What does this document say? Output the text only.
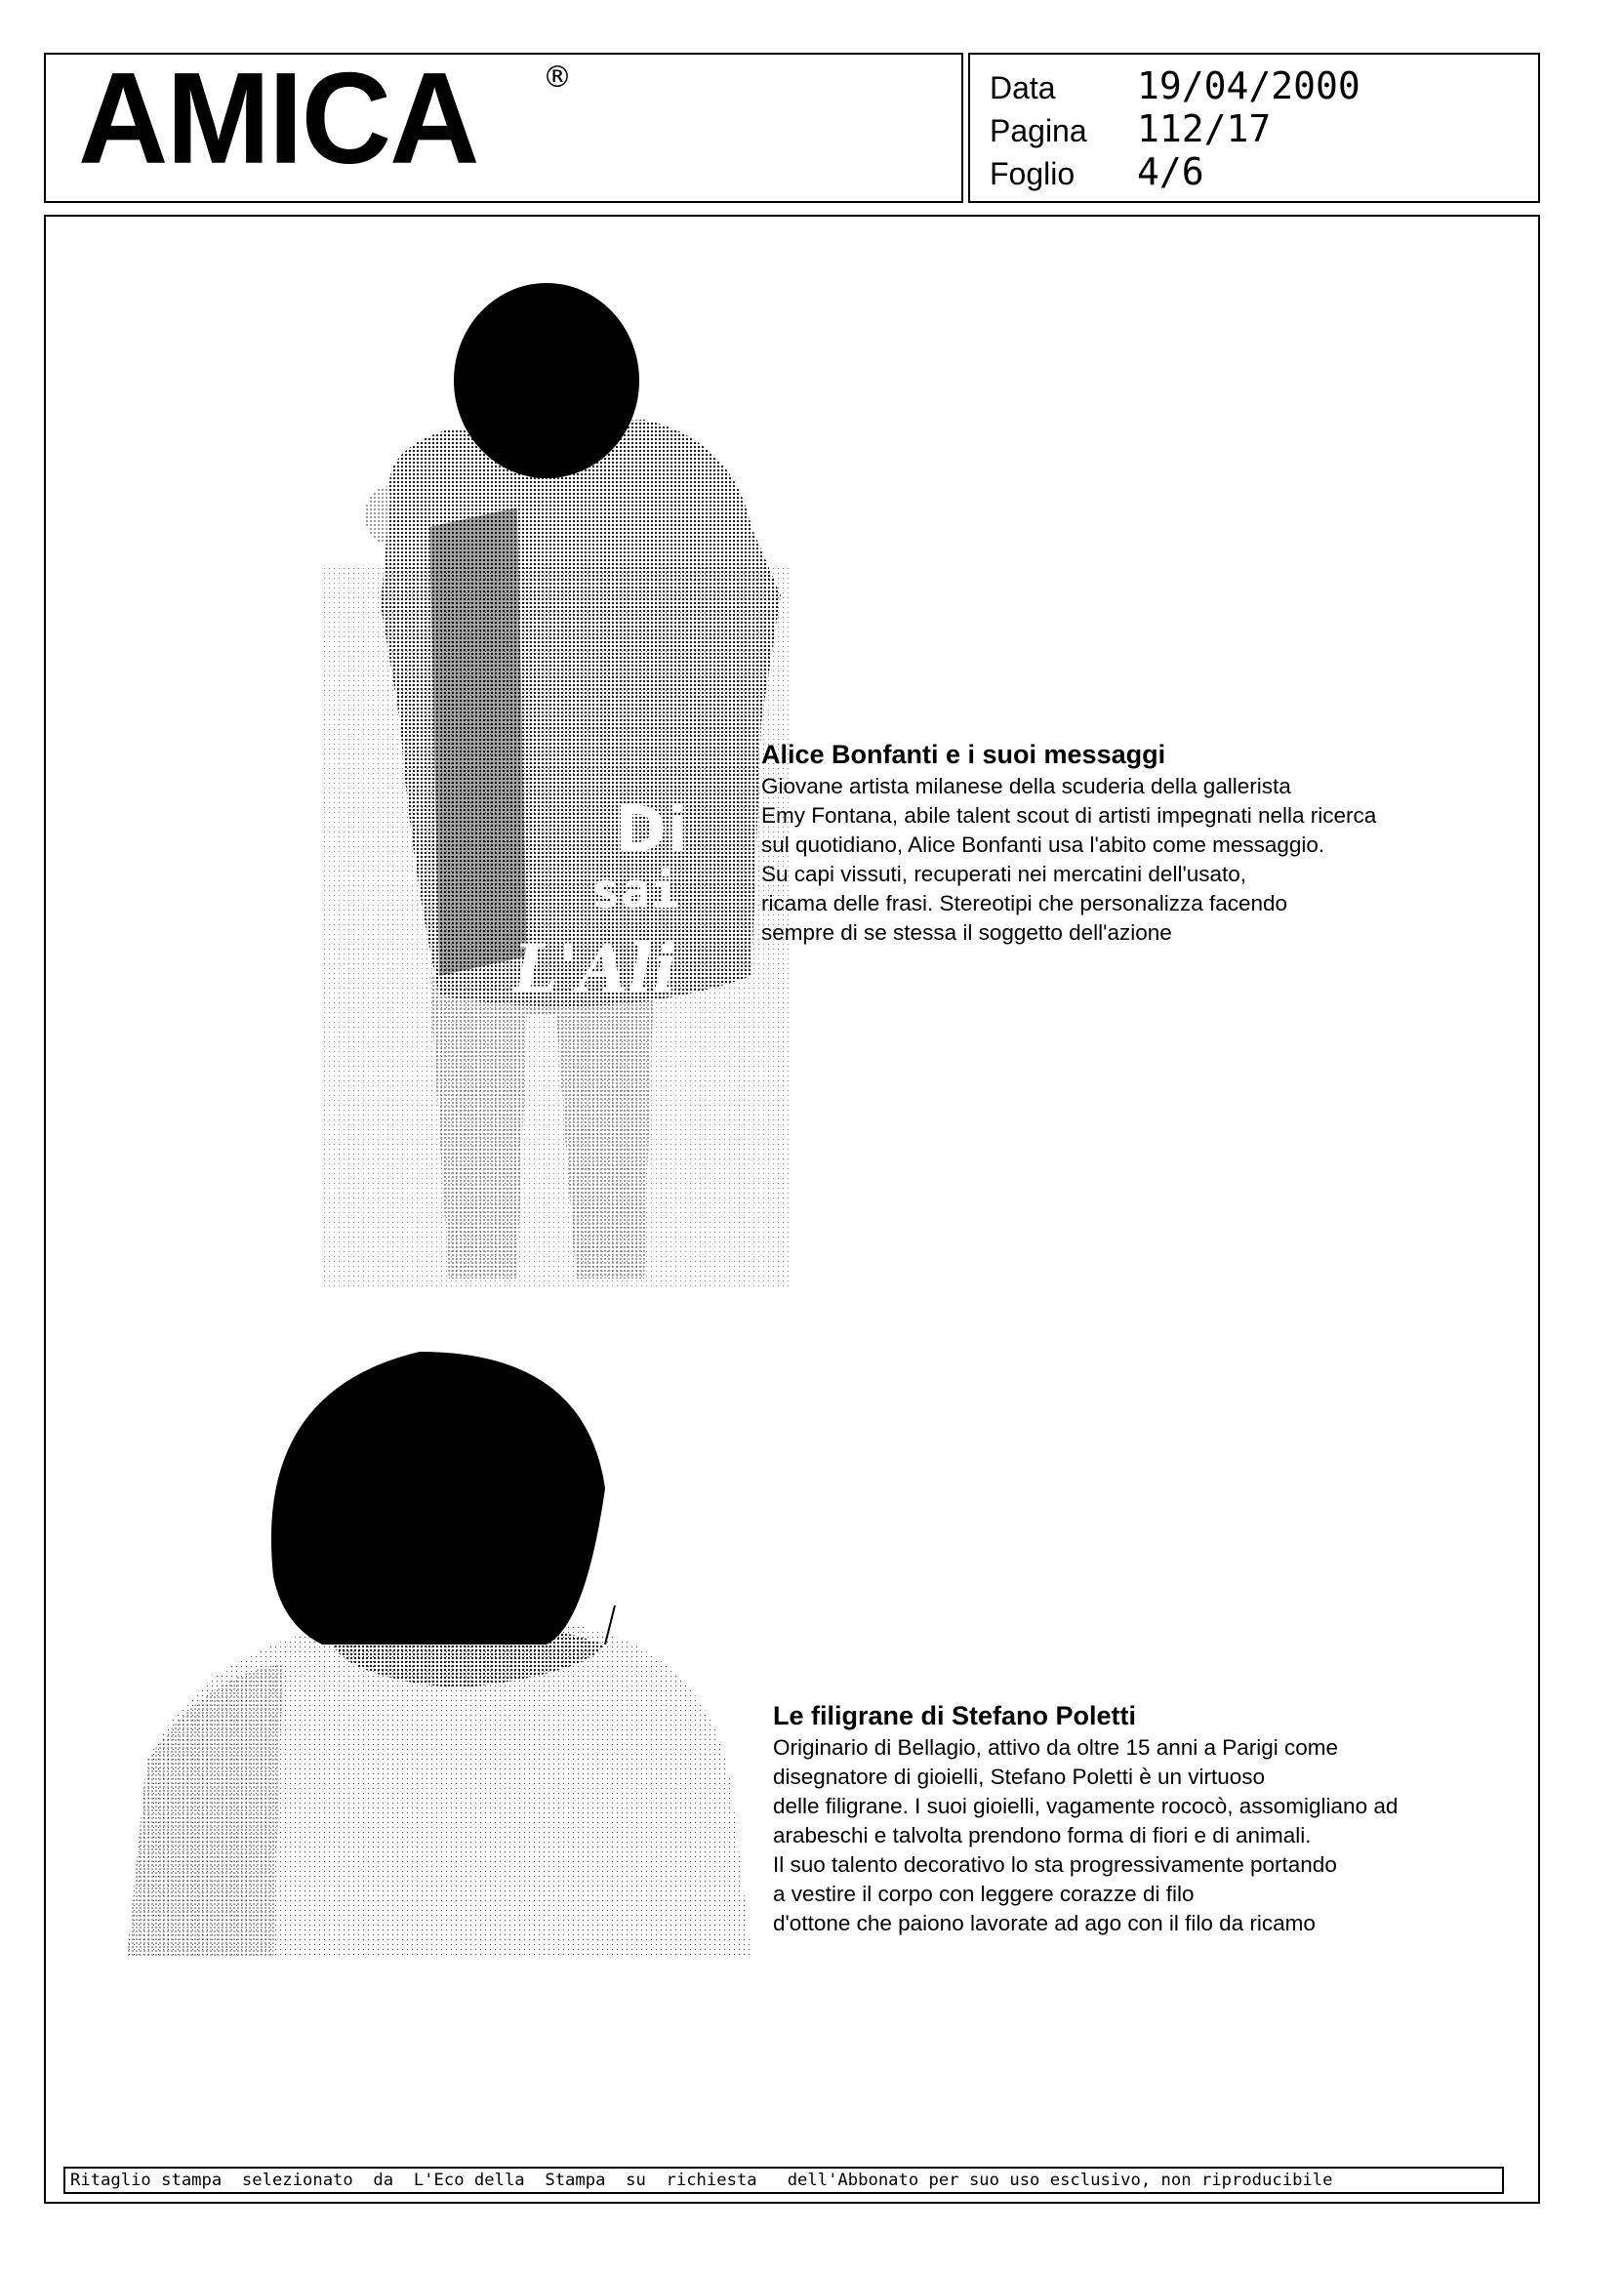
AMICA ®	Data 19/04/2000
Pagina 112/17
Foglio 4/6
Di
sai
L'Ali
Alice Bonfanti e i suoi messaggi

Giovane artista milanese della scuderia della gallerista
Emy Fontana, abile talent scout di artisti impegnati nella ricerca
sul quotidiano, Alice Bonfanti usa l'abito come messaggio.
Su capi vissuti, recuperati nei mercatini dell'usato,
ricama delle frasi. Stereotipi che personalizza facendo
sempre di se stessa il soggetto dell'azione

Le filigrane di Stefano Poletti

Originario di Bellagio, attivo da oltre 15 anni a Parigi come
disegnatore di gioielli, Stefano Poletti è un virtuoso
delle filigrane. I suoi gioielli, vagamente rococò, assomigliano ad
arabeschi e talvolta prendono forma di fiori e di animali.
Il suo talento decorativo lo sta progressivamente portando
a vestire il corpo con leggere corazze di filo
d'ottone che paiono lavorate ad ago con il filo da ricamo

Ritaglio stampa  selezionato  da  L'Eco della  Stampa  su  richiesta   dell'Abbonato per suo uso esclusivo, non riproducibile
